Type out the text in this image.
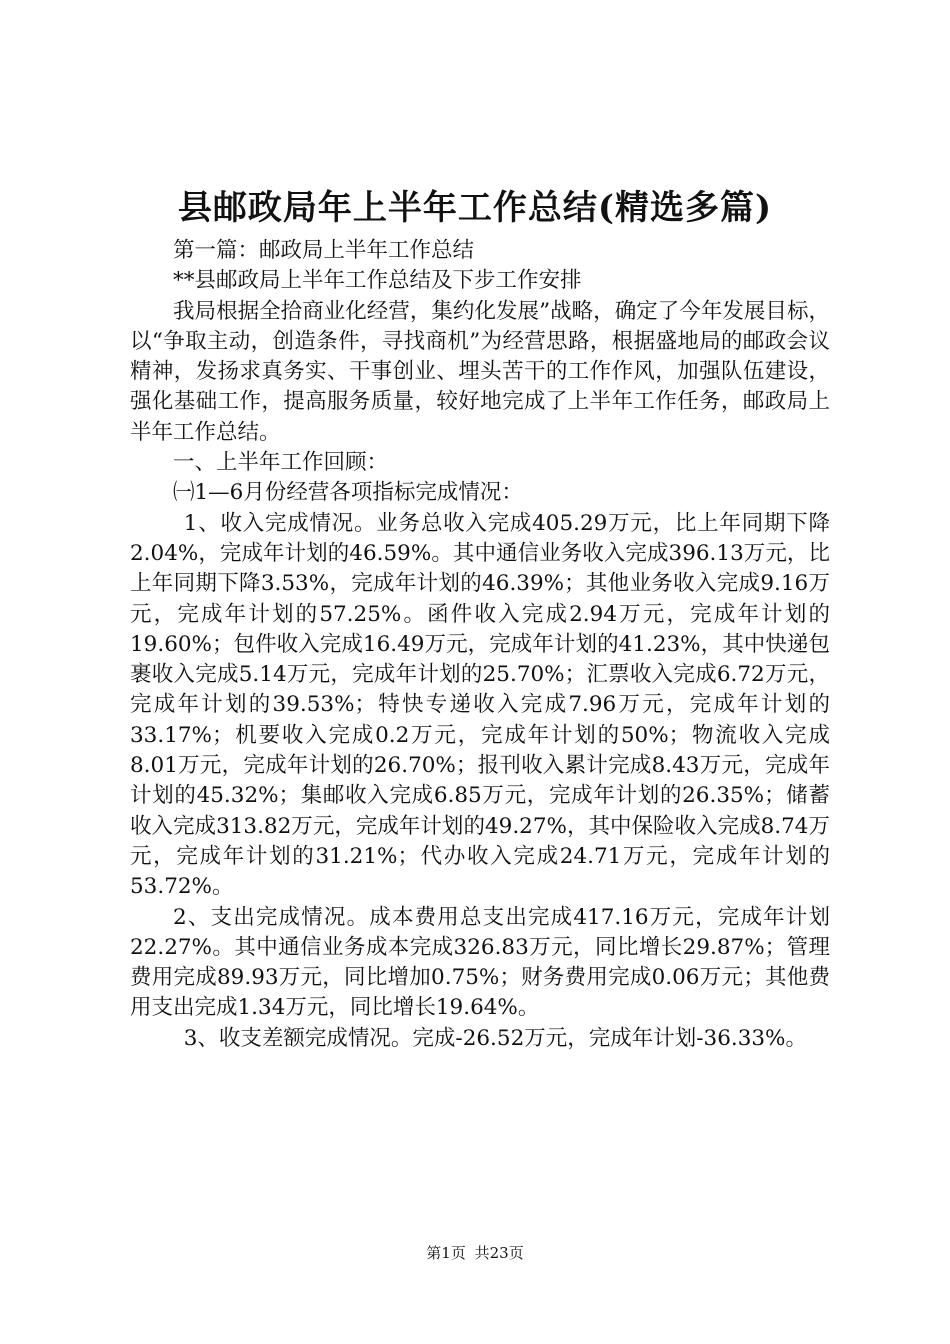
县邮政局年上半年工作总结(精选多篇)

第一篇：邮政局上半年工作总结

**县邮政局上半年工作总结及下步工作安排

我局根据全拾商业化经营，集约化发展”战略，确定了今年发展目标，以“争取主动，创造条件，寻找商机”为经营思路，根据盛地局的邮政会议精神，发扬求真务实、干事创业、埋头苦干的工作作风，加强队伍建设，强化基础工作，提高服务质量，较好地完成了上半年工作任务，邮政局上半年工作总结。

一、上半年工作回顾：

㈠1—6月份经营各项指标完成情况：

1、收入完成情况。业务总收入完成405.29万元，比上年同期下降2.04%，完成年计划的46.59%。其中通信业务收入完成396.13万元，比上年同期下降3.53%，完成年计划的46.39%；其他业务收入完成9.16万元，完成年计划的57.25%。函件收入完成2.94万元，完成年计划的19.60%；包件收入完成16.49万元，完成年计划的41.23%，其中快递包裹收入完成5.14万元，完成年计划的25.70%；汇票收入完成6.72万元，完成年计划的39.53%；特快专递收入完成7.96万元，完成年计划的33.17%；机要收入完成0.2万元，完成年计划的50%；物流收入完成8.01万元，完成年计划的26.70%；报刊收入累计完成8.43万元，完成年计划的45.32%；集邮收入完成6.85万元，完成年计划的26.35%；储蓄收入完成313.82万元，完成年计划的49.27%，其中保险收入完成8.74万元，完成年计划的31.21%；代办收入完成24.71万元，完成年计划的53.72%。

2、支出完成情况。成本费用总支出完成417.16万元，完成年计划22.27%。其中通信业务成本完成326.83万元，同比增长29.87%；管理费用完成89.93万元，同比增加0.75%；财务费用完成0.06万元；其他费用支出完成1.34万元，同比增长19.64%。

3、收支差额完成情况。完成-26.52万元，完成年计划-36.33%。

第1页 共23页
